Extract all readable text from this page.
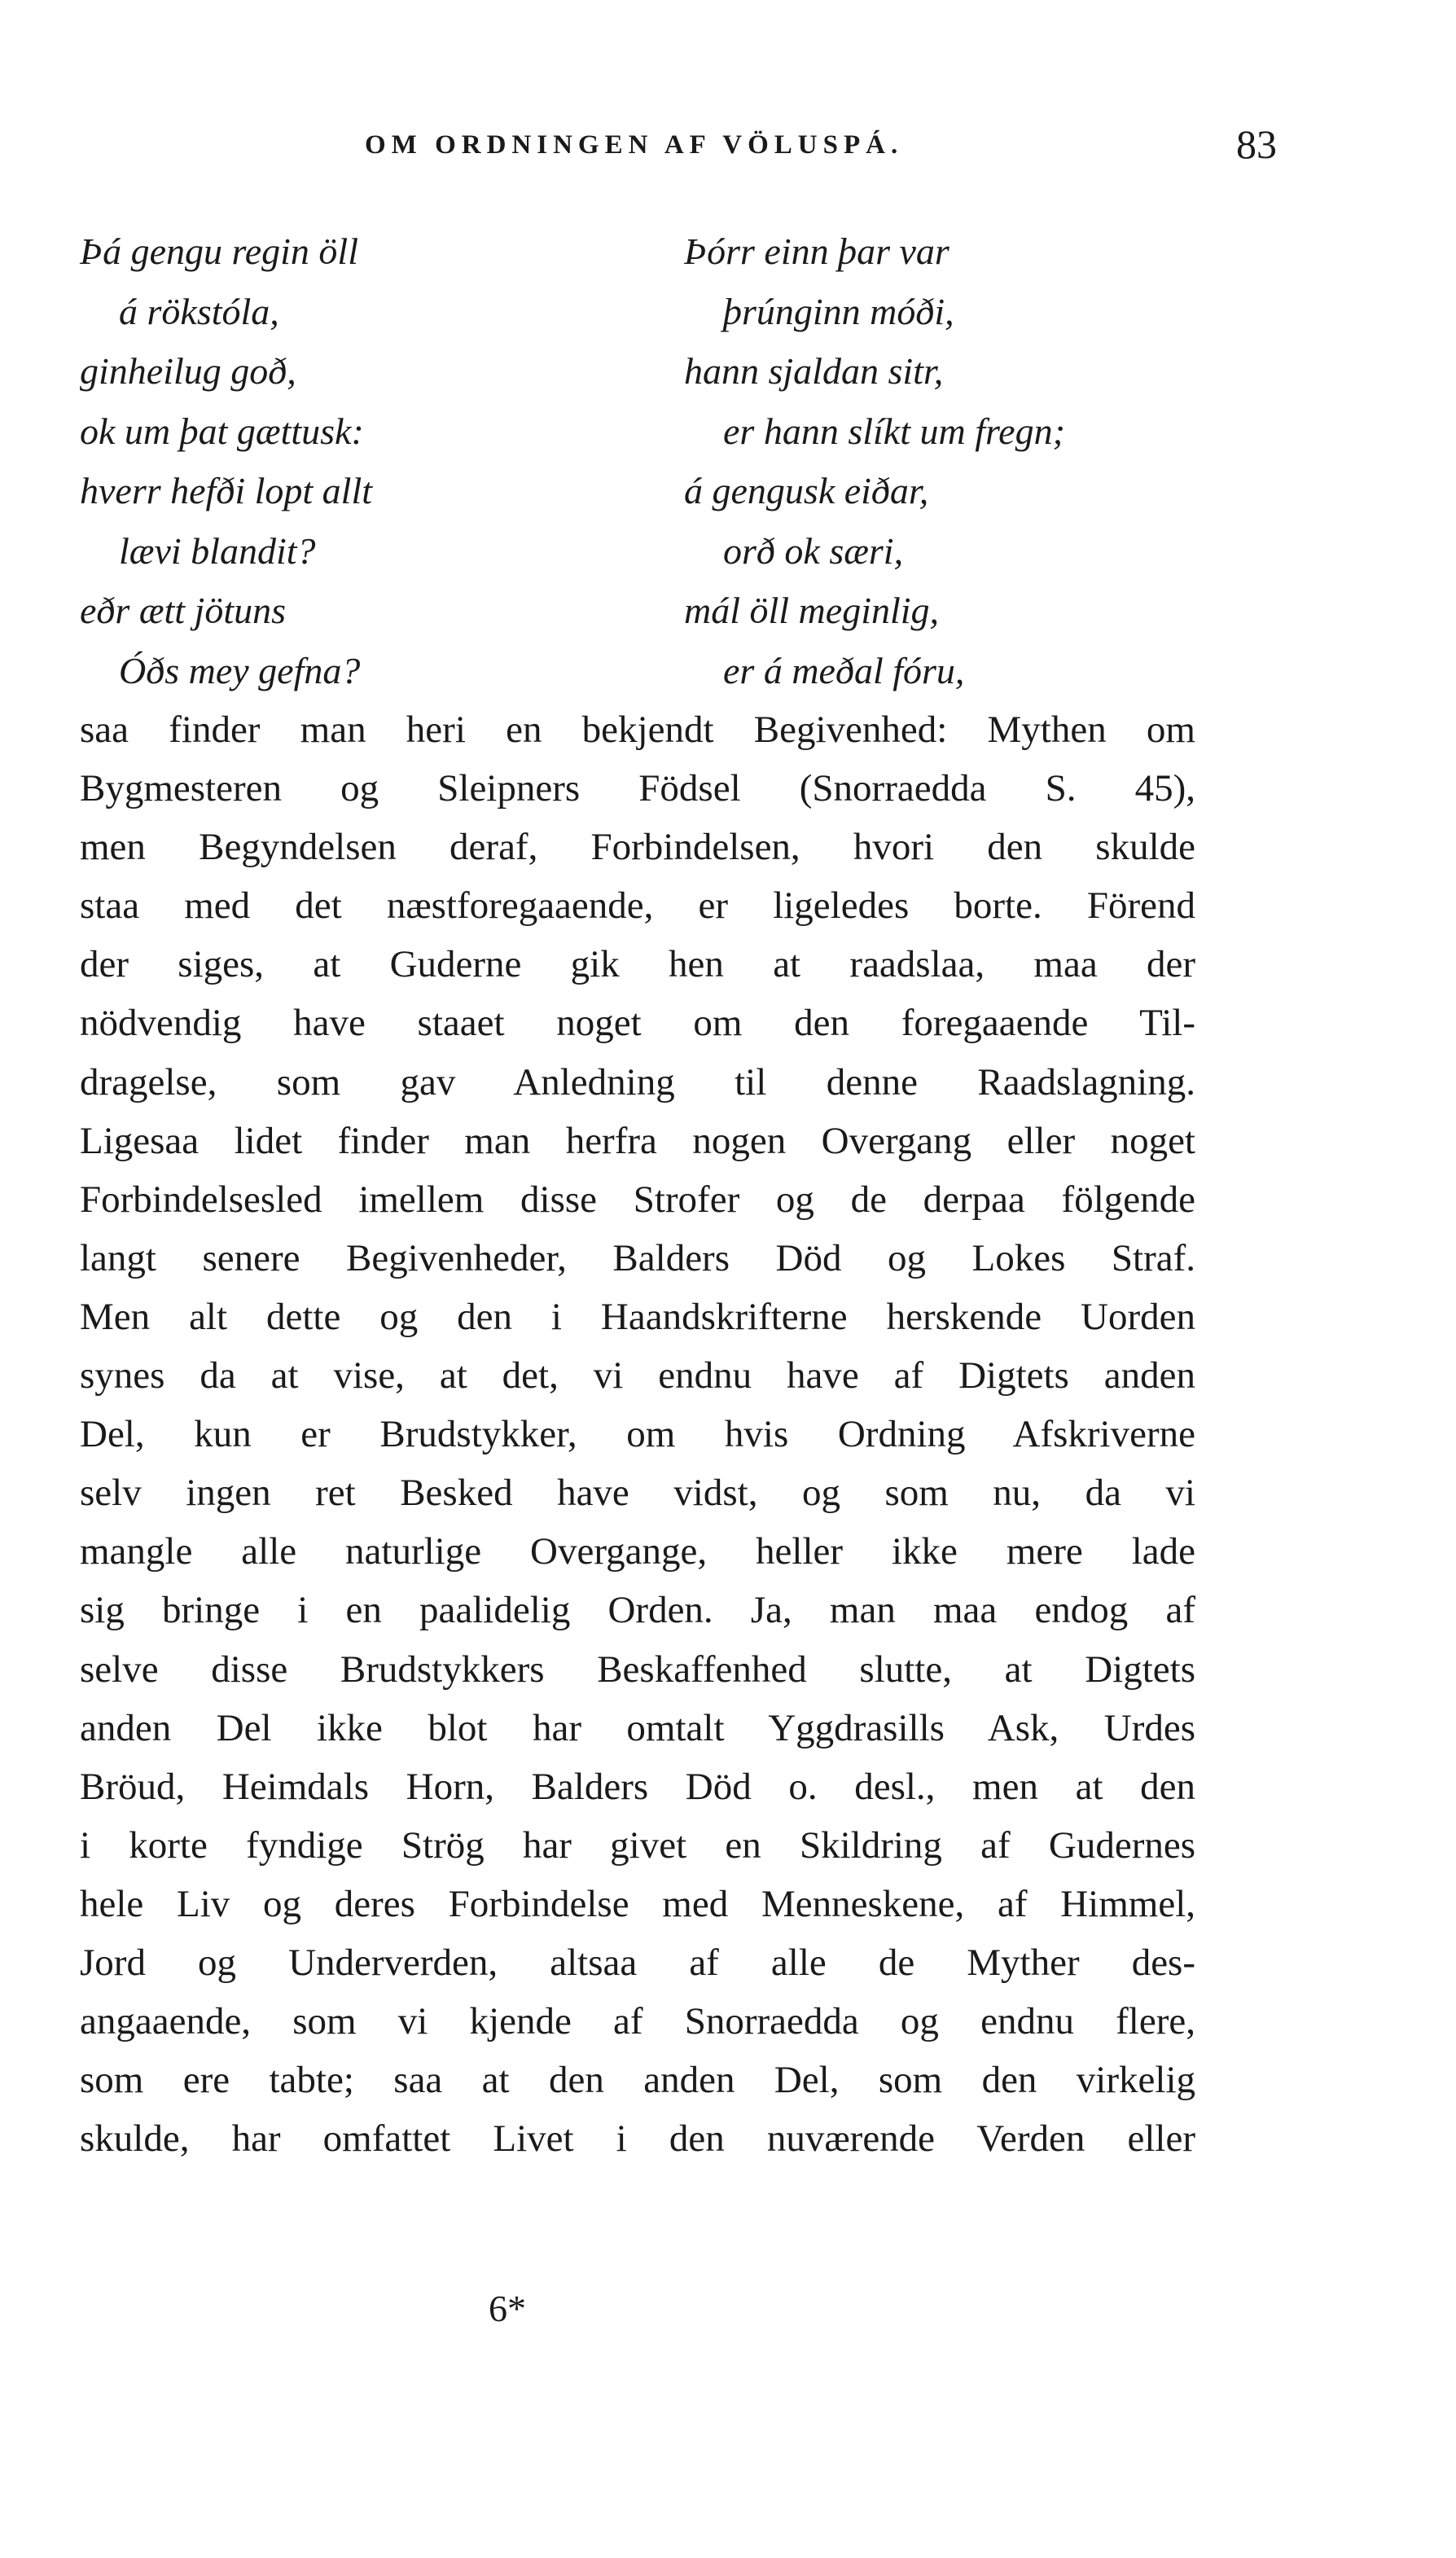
OM ORDNINGEN AF VÖLUSPÁ.	83
Þá gengu regin öll
á rökstóla,
ginheilug goð,
ok um þat gættusk:
hverr hefði lopt allt
lævi blandit?
eðr ætt jötuns
Óðs mey gefna?
Þórr einn þar var
þrúnginn móði,
hann sjaldan sitr,
er hann slíkt um fregn;
á gengusk eiðar,
orð ok særi,
mál öll meginlig,
er á meðal fóru,
saa finder man heri en bekjendt Begivenhed: Mythen om
Bygmesteren og Sleipners Födsel (Snorraedda S. 45),
men Begyndelsen deraf, Forbindelsen, hvori den skulde
staa med det næstforegaaende, er ligeledes borte. Förend
der siges, at Guderne gik hen at raadslaa, maa der
nödvendig have staaet noget om den foregaaende Til-
dragelse, som gav Anledning til denne Raadslagning.
Ligesaa lidet finder man herfra nogen Overgang eller noget
Forbindelsesled imellem disse Strofer og de derpaa fölgende
langt senere Begivenheder, Balders Död og Lokes Straf.
Men alt dette og den i Haandskrifterne herskende Uorden
synes da at vise, at det, vi endnu have af Digtets anden
Del, kun er Brudstykker, om hvis Ordning Afskriverne
selv ingen ret Besked have vidst, og som nu, da vi
mangle alle naturlige Overgange, heller ikke mere lade
sig bringe i en paalidelig Orden. Ja, man maa endog af
selve disse Brudstykkers Beskaffenhed slutte, at Digtets
anden Del ikke blot har omtalt Yggdrasills Ask, Urdes
Bröud, Heimdals Horn, Balders Död o. desl., men at den
i korte fyndige Strög har givet en Skildring af Gudernes
hele Liv og deres Forbindelse med Menneskene, af Himmel,
Jord og Underverden, altsaa af alle de Myther des-
angaaende, som vi kjende af Snorraedda og endnu flere,
som ere tabte; saa at den anden Del, som den virkelig
skulde, har omfattet Livet i den nuværende Verden eller
6*
